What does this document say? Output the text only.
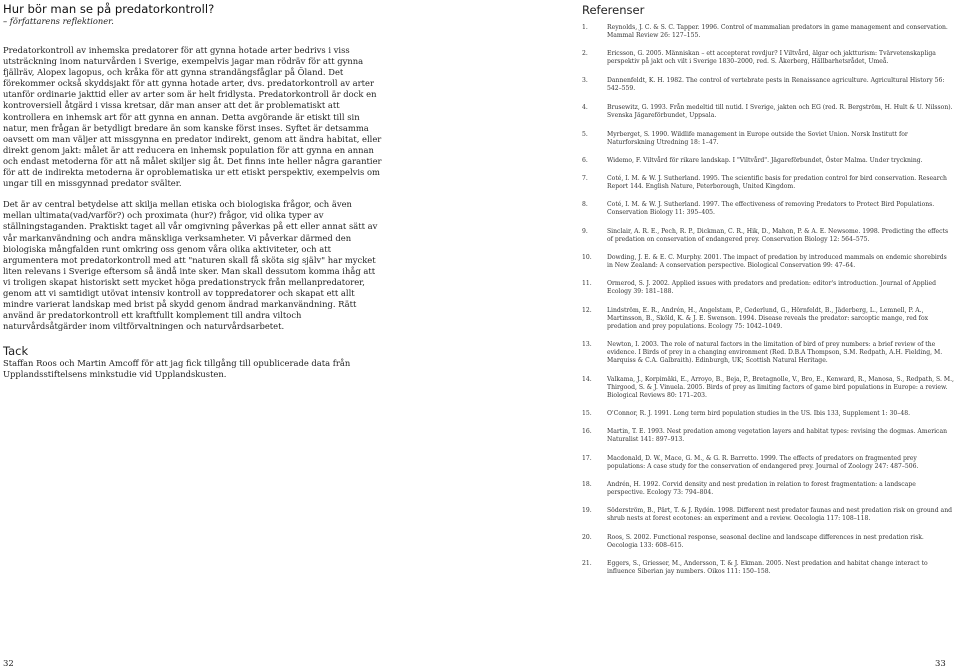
Hur bör man se på predatorkontroll?
– författarens reflektioner.

Predatorkontroll av inhemska predatorer för att gynna hotade arter bedrivs i viss utsträckning inom naturvården i Sverige, exempelvis jagar man rödräv för att gynna fjällräv, Alopex lagopus, och kråka för att gynna strandängsfåglar på Öland. Det förekommer också skyddsjakt för att gynna hotade arter, dvs. predatorkontroll av arter utanför ordinarie jakttid eller av arter som är helt fridlysta. Predatorkontroll är dock en kontroversiell åtgärd i vissa kretsar, där man anser att det är problematiskt att kontrollera en inhemsk art för att gynna en annan. Detta avgörande är etiskt till sin natur, men frågan är betydligt bredare än som kanske först inses. Syftet är detsamma oavsett om man väljer att missgynna en predator indirekt, genom att ändra habitat, eller direkt genom jakt: målet är att reducera en inhemsk population för att gynna en annan och endast metoderna för att nå målet skiljer sig åt. Det finns inte heller några garantier för att de indirekta metoderna är oproblematiska ur ett etiskt perspektiv, exempelvis om ungar till en missgynnad predator svälter.

Det är av central betydelse att skilja mellan etiska och biologiska frågor, och även mellan ultimata(vad/varför?) och proximata (hur?) frågor, vid olika typer av ställningstaganden. Praktiskt taget all vår omgivning påverkas på ett eller annat sätt av vår markanvändning och andra mänskliga verksamheter. Vi påverkar därmed den biologiska mångfalden runt omkring oss genom våra olika aktiviteter, och att argumentera mot predatorkontroll med att "naturen skall få sköta sig själv" har mycket liten relevans i Sverige eftersom så ändå inte sker. Man skall dessutom komma ihåg att vi troligen skapat historiskt sett mycket höga predationstryck från mellanpredatorer, genom att vi samtidigt utövat intensiv kontroll av toppredatorer och skapat ett allt mindre varierat landskap med brist på skydd genom ändrad markanvändning. Rätt använd är predatorkontroll ett kraftfullt komplement till andra viltoch naturvårdsåtgärder inom viltförvaltningen och naturvårdsarbetet.

Tack

Staffan Roos och Martin Amcoff för att jag fick tillgång till opublicerade data från Upplandsstiftelsens minkstudie vid Upplandskusten.

Referenser
1.	Reynolds, J. C. & S. C. Tapper. 1996. Control of mammalian predators in game management and conservation. Mammal Review 26: 127–155.
2.	Ericsson, G. 2005. Människan – ett accepterat rovdjur? I Viltvård, älgar och jaktturism: Tvärvetenskapliga perspektiv på jakt och vilt i Sverige 1830–2000, red. S. Åkerberg, Hällbarhetsrådet, Umeå.
3.	Dannenfeldt, K. H. 1982. The control of vertebrate pests in Renaissance agriculture. Agricultural History 56: 542–559.
4.	Brusewitz, G. 1993. Från medeltid till nutid. I Sverige, jakten och EG (red. R. Bergström, H. Hult & U. Nilsson). Svenska Jägareförbundet, Uppsala.
5.	Myrberget, S. 1990. Wildlife management in Europe outside the Soviet Union. Norsk Institutt for Naturforskning Utredning 18: 1–47.
6.	Widemo, F. Viltvård för rikare landskap. I "Viltvård". Jägareförbundet, Öster Malma. Under tryckning.
7.	Coté, I. M. & W. J. Sutherland. 1995. The scientific basis for predation control for bird conservation. Research Report 144. English Nature, Peterborough, United Kingdom.
8.	Coté, I. M. & W. J. Sutherland. 1997. The effectiveness of removing Predators to Protect Bird Populations. Conservation Biology 11: 395–405.
9.	Sinclair, A. R. E., Pech, R. P., Dickman, C. R., Hik, D., Mahon, P. & A. E. Newsome. 1998. Predicting the effects of predation on conservation of endangered prey. Conservation Biology 12: 564–575.
10.	Dowding, J. E. & E. C. Murphy. 2001. The impact of predation by introduced mammals on endemic shorebirds in New Zealand: A conservation perspective. Biological Conservation 99: 47–64.
11.	Ormerod, S. J. 2002. Applied issues with predators and predation: editor's introduction. Journal of Applied Ecology 39: 181–188.
12.	Lindström, E. R., Andrén, H., Angelstam, P., Cederlund, G., Hörnfeldt, B., Jäderberg, L., Lemnell, P. A., Martinsson, B., Sköld, K. & J. E. Swenson. 1994. Disease reveals the predator: sarcoptic mange, red fox predation and prey populations. Ecology 75: 1042–1049.
13.	Newton, I. 2003. The role of natural factors in the limitation of bird of prey numbers: a brief review of the evidence. I Birds of prey in a changing environment (Red. D.B.A Thompson, S.M. Redpath, A.H. Fielding, M. Marquiss & C.A. Galbraith). Edinburgh, UK; Scottish Natural Heritage.
14.	Valkama, J., Korpimäki, E., Arroyo, B., Beja, P., Bretagnolle, V., Bro, E., Kenward, R., Manosa, S., Redpath, S. M., Thirgood, S. & J. Vinuela. 2005. Birds of prey as limiting factors of game bird populations in Europe: a review. Biological Reviews 80: 171–203.
15.	O'Connor, R. J. 1991. Long term bird population studies in the US. Ibis 133, Supplement 1: 30–48.
16.	Martin, T. E. 1993. Nest predation among vegetation layers and habitat types: revising the dogmas. American Naturalist 141: 897–913.
17.	Macdonald, D. W., Mace, G. M., & G. R. Barretto. 1999. The effects of predators on fragmented prey populations: A case study for the conservation of endangered prey. Journal of Zoology 247: 487–506.
18.	Andrén, H. 1992. Corvid density and nest predation in relation to forest fragmentation: a landscape perspective. Ecology 73: 794–804.
19.	Söderström, B., Pärt, T. & J. Rydén. 1998. Different nest predator faunas and nest predation risk on ground and shrub nests at forest ecotones: an experiment and a review. Oecologia 117: 108–118.
20.	Roos, S. 2002. Functional response, seasonal decline and landscape differences in nest predation risk. Oecologia 133: 608–615.
21.	Eggers, S., Griesser, M., Andersson, T. & J. Ekman. 2005. Nest predation and habitat change interact to influence Siberian jay numbers. Oikos 111: 150–158.
32	33
